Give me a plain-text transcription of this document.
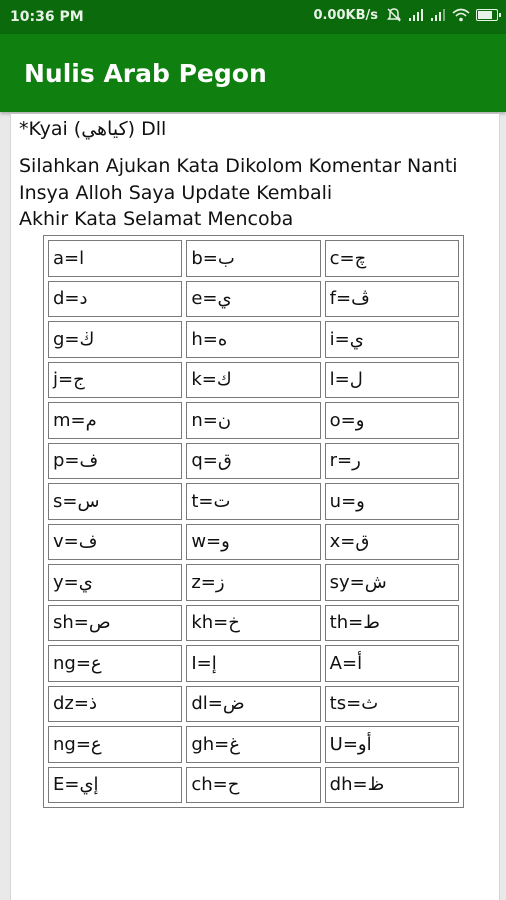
10:36 PM	0.00KB/s
Nulis Arab Pegon
*Kyai (كياهي) Dll
Silahkan Ajukan Kata Dikolom Komentar Nanti
Insya Alloh Saya Update Kembali
Akhir Kata Selamat Mencoba
a=ا	b=ب	c=چ
d=د	e=ي	f=ڤ
g=ڬ	h=ه	i=ي
j=ج	k=ك	l=ل
m=م	n=ن	o=و
p=ف	q=ق	r=ر
s=س	t=ت	u=و
v=ف	w=و	x=ق
y=ي	z=ز	sy=ش
sh=ص	kh=خ	th=ط
ng=ع	I=إ	A=أ
dz=ذ	dl=ض	ts=ث
ng=ع	gh=غ	U=أو
E=إي	ch=ح	dh=ظ
